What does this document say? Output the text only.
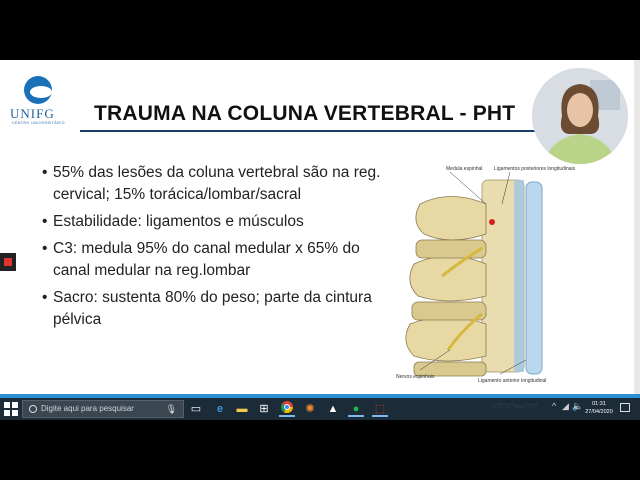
UNIFG
CENTRO UNIVERSITÁRIO TRAUMA NA COLUNA VERTEBRAL - PHT
• 55% das lesões da coluna vertebral são na reg. cervical; 15% torácica/lombar/sacral
• Estabilidade: ligamentos e músculos
• C3: medula 95% do canal medular x 65% do canal medular na reg.lombar
• Sacro: sustenta 80% do peso; parte da cintura pélvica
Medula espinhal Ligamentos posteriores longitudinais
Nervos espinhais
Ligamento anterior longitudinal
Digite aqui para pesquisar	🎙 ▭	e	▬	⊞	✺	▲	●	⬚	p?f?tr?asu?rs? ^ ◢ 🔈	01:31
27/04/2020
